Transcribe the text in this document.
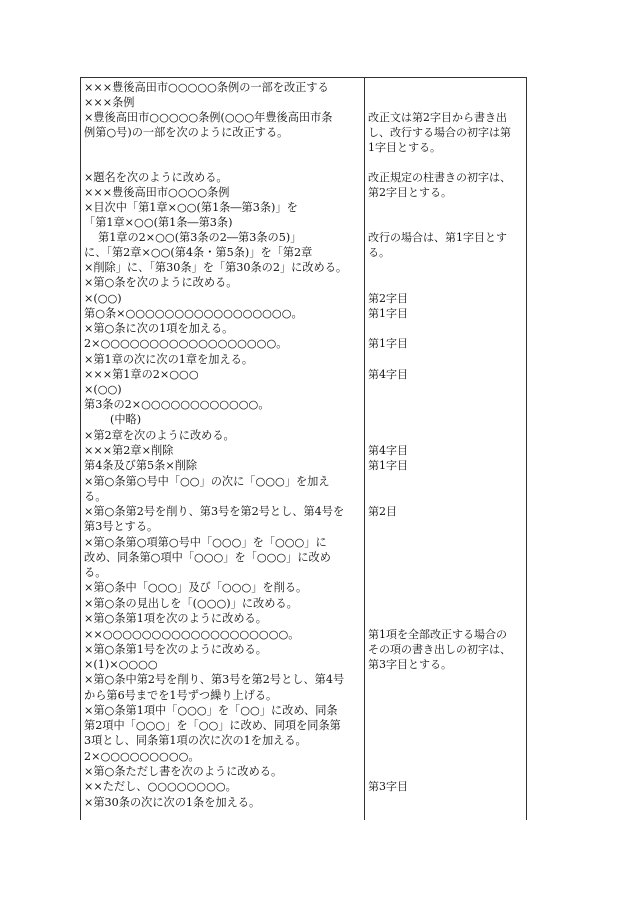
×××豊後高田市○○○○○条例の一部を改正する
×××条例
×豊後高田市○○○○○条例(○○○年豊後高田市条
例第○号)の一部を次のように改正する。
×題名を次のように改める。
×××豊後高田市○○○○条例
×目次中「第1章×○○(第1条―第3条)」を
「第1章×○○(第1条―第3条)
第1章の2×○○(第3条の2―第3条の5)」
に、「第2章×○○(第4条・第5条)」を「第2章
×削除」に、「第30条」を「第30条の2」に改める。
×第○条を次のように改める。
×(○○)
第○条×○○○○○○○○○○○○○○○○○。
×第○条に次の1項を加える。
2×○○○○○○○○○○○○○○○○○○。
×第1章の次に次の1章を加える。
×××第1章の2×○○○
×(○○)
第3条の2×○○○○○○○○○○○○。
(中略)
×第2章を次のように改める。
×××第2章×削除
第4条及び第5条×削除
×第○条第○号中「○○」の次に「○○○」を加え
る。
×第○条第2号を削り、第3号を第2号とし、第4号を
第3号とする。
×第○条第○項第○号中「○○○」を「○○○」に
改め、同条第○項中「○○○」を「○○○」に改め
る。
×第○条中「○○○」及び「○○○」を削る。
×第○条の見出しを「(○○○)」に改める。
×第○条第1項を次のように改める。
××○○○○○○○○○○○○○○○○○○○。
×第○条第1号を次のように改める。
×(1)×○○○○
×第○条中第2号を削り、第3号を第2号とし、第4号
から第6号までを1号ずつ繰り上げる。
×第○条第1項中「○○○」を「○○」に改め、同条
第2項中「○○○」を「○○」に改め、同項を同条第
3項とし、同条第1項の次に次の1を加える。
2×○○○○○○○○○。
×第○条ただし書を次のように改める。
××ただし、○○○○○○○○。
×第30条の次に次の1条を加える。
改正文は第2字目から書き出
し、改行する場合の初字は第
1字目とする。
改正規定の柱書きの初字は、
第2字目とする。
改行の場合は、第1字目とす
る。
第2字目
第1字目
第1字目
第4字目
第4字目
第1字目
第2目
第1項を全部改正する場合の
その項の書き出しの初字は、
第3字目とする。
第3字目
